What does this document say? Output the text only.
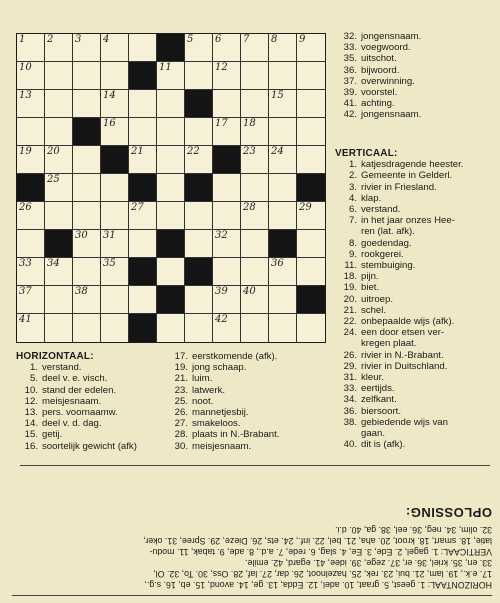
1 2 3 4	5 6 7 8 9
10	11	12
13	14	15
16	17 18
19 20	21	22	23 24
25
26	27	28	29
30 31	32
33 34	35	36
37	38	39 40
41	42
32. jongensnaam.
33. voegwoord.
35. uitschot.
36. bijwoord.
37. overwinning.
39. voorstel.
41. achting.
42. jongensnaam.
VERTICAAL:
1. katjesdragende heester.
2. Gemeente in Gelderl.
3. rivier in Friesland.
4. klap.
6. verstand.
7. in het jaar onzes Hee-
ren (lat. afk).
8. goedendag.
9. rookgerei.
11. stembuiging.
18. pijn.
19. biet.
20. uitroep.
21. schel.
22. onbepaalde wijs (afk).
24. een door etsen ver-
kregen plaat.
26. rivier in N.-Brabant.
29. rivier in Duitschland.
31. kleur.
33. eertijds.
34. zelfkant.
36. biersoort.
38. gebiedende wijs van
gaan.
40. dit is (afk).
HORIZONTAAL:
1. verstand.
5. deel v. e. visch.
10. stand der edelen.
12. meisjesnaam.
13. pers. voornaamw.
14. deel v. d. dag.
15. getij.
16. soortelijk gewicht (afk)
17. eerstkomende (afk).
19. jong schaap.
21. luim.
23. latwerk.
25. noot.
26. mannetjesbij.
27. smakeloos.
28. plaats in N.-Brabant.
30. meisjesnaam.

HORIZONTAAL: 1. geest, 5. graat, 10. adel, 12. Edda, 13. ge, 14. avond, 15. eb, 16. s.g.,

17. e.k., 19. lam, 21. bui, 23. rek, 25. hazelnoot, 26. dar, 27. laf, 28. Oss, 30. To, 32. Ol,

33. en, 35. kriel, 36. er, 37. zege, 39. idee, 41. egard, 42. emile.

VERTICAAL: 1. gagel, 2. Ede, 3. Ee, 4. slag, 6. rede, 7. a.d., 8. ade, 9. tabak, 11. modu-

latie, 18. smart, 18. kroot, 20. aha, 21. bel, 22. inf., 24. ets, 26. Dieze, 29. Spree, 31. oker,

32. olim, 34. neg, 36. eel, 38. ga, 40. d.i.

OPLOSSING:
